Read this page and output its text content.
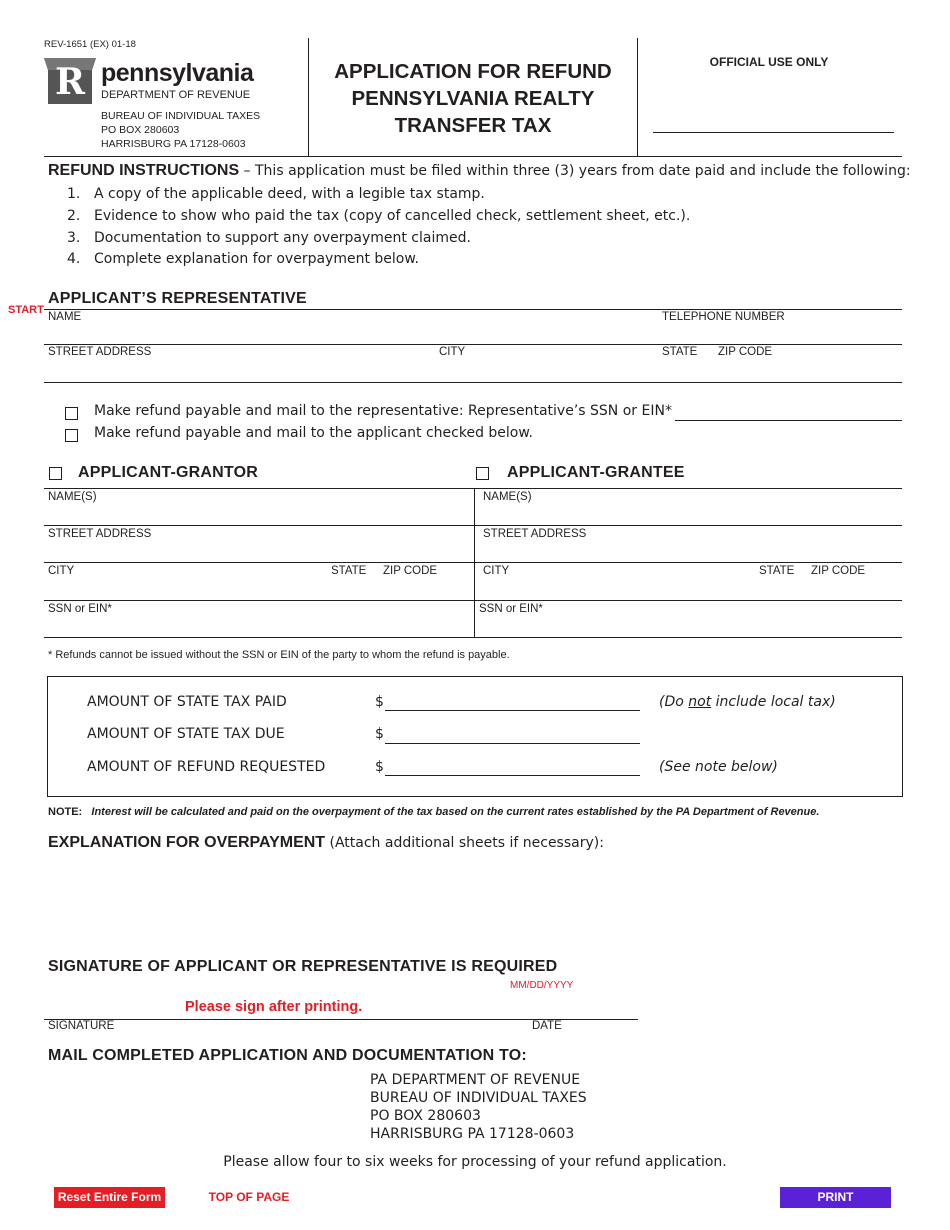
REV-1651 (EX) 01-18
R pennsylvania
DEPARTMENT OF REVENUE
BUREAU OF INDIVIDUAL TAXES
PO BOX 280603
HARRISBURG PA 17128-0603
APPLICATION FOR REFUND
PENNSYLVANIA REALTY
TRANSFER TAX
OFFICIAL USE ONLY
REFUND INSTRUCTIONS – This application must be filed within three (3) years from date paid and include the following:
1. A copy of the applicable deed, with a legible tax stamp.
2. Evidence to show who paid the tax (copy of cancelled check, settlement sheet, etc.).
3. Documentation to support any overpayment claimed.
4. Complete explanation for overpayment below.
START
APPLICANT’S REPRESENTATIVE
NAME	TELEPHONE NUMBER
STREET ADDRESS	CITY	STATE ZIP CODE
Make refund payable and mail to the representative: Representative’s SSN or EIN*
Make refund payable and mail to the applicant checked below.
APPLICANT-GRANTOR	APPLICANT-GRANTEE
NAME(S)	NAME(S)
STREET ADDRESS	STREET ADDRESS
CITY	STATE ZIP CODE	CITY	STATE ZIP CODE
SSN or EIN*	SSN or EIN*
* Refunds cannot be issued without the SSN or EIN of the party to whom the refund is payable.
AMOUNT OF STATE TAX PAID	$	(Do not include local tax)
AMOUNT OF STATE TAX DUE	$
AMOUNT OF REFUND REQUESTED	$	(See note below)
NOTE: Interest will be calculated and paid on the overpayment of the tax based on the current rates established by the PA Department of Revenue.
EXPLANATION FOR OVERPAYMENT (Attach additional sheets if necessary):
SIGNATURE OF APPLICANT OR REPRESENTATIVE IS REQUIRED
MM/DD/YYYY
Please sign after printing.
SIGNATURE	DATE
MAIL COMPLETED APPLICATION AND DOCUMENTATION TO:
PA DEPARTMENT OF REVENUE
BUREAU OF INDIVIDUAL TAXES
PO BOX 280603
HARRISBURG PA 17128-0603
Please allow four to six weeks for processing of your refund application.
Reset Entire Form	TOP OF PAGE	PRINT
